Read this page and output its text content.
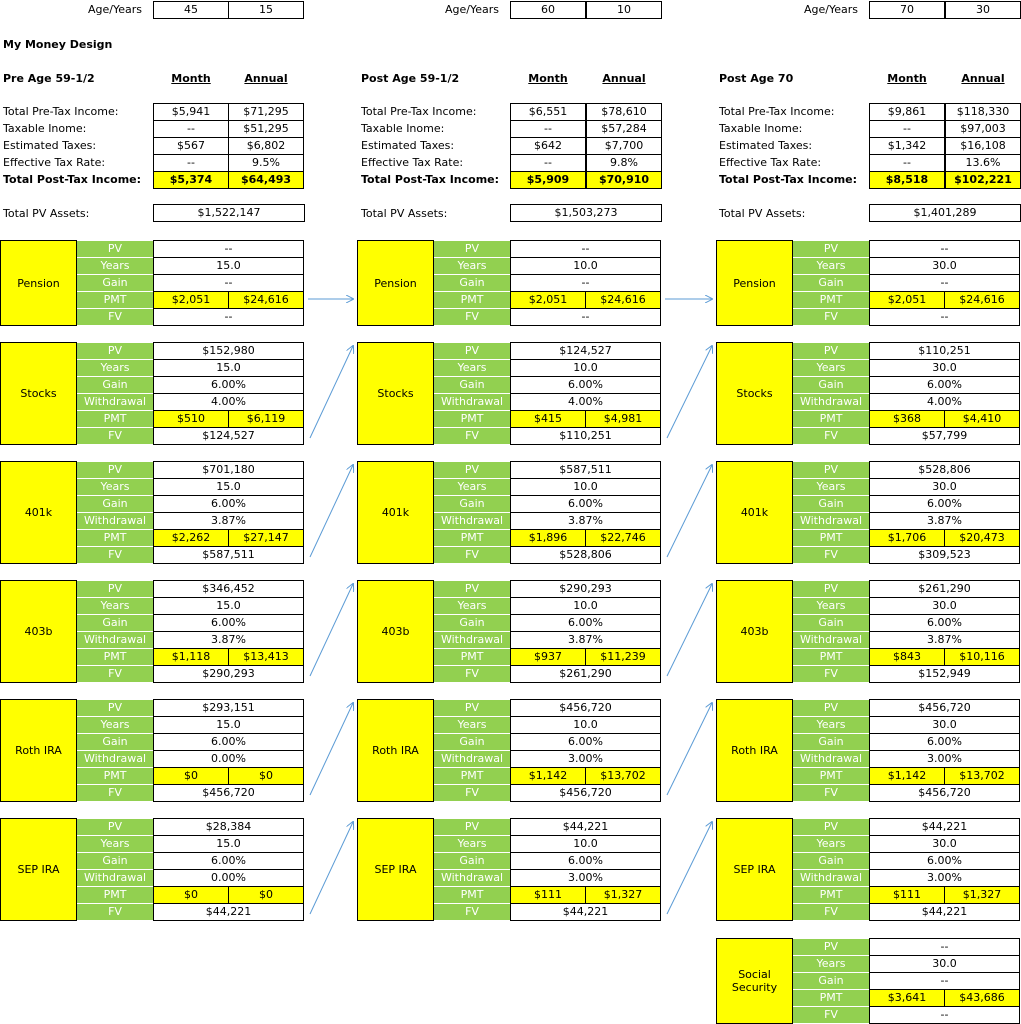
Age/Years	45	15	Age/Years	60	10	Age/Years	70	30
My Money Design
Pre Age 59-1/2	Month	Annual
Total Pre-Tax Income:	$5,941	$71,295
Taxable Inome:	--	$51,295
Estimated Taxes:	$567	$6,802
Effective Tax Rate:	--	9.5%
Total Post-Tax Income:	$5,374	$64,493
Total PV Assets:	$1,522,147
Post Age 59-1/2	Month	Annual
Total Pre-Tax Income:	$6,551	$78,610
Taxable Inome:	--	$57,284
Estimated Taxes:	$642	$7,700
Effective Tax Rate:	--	9.8%
Total Post-Tax Income:	$5,909	$70,910
Total PV Assets:	$1,503,273
Post Age 70	Month	Annual
Total Pre-Tax Income:	$9,861	$118,330
Taxable Inome:	--	$97,003
Estimated Taxes:	$1,342	$16,108
Effective Tax Rate:	--	13.6%
Total Post-Tax Income:	$8,518	$102,221
Total PV Assets:	$1,401,289
Pension
PV	--
Years	15.0
Gain	--
PMT	$2,051	$24,616
FV	--
Stocks
PV	$152,980
Years	15.0
Gain	6.00%
Withdrawal	4.00%
PMT	$510	$6,119
FV	$124,527
401k
PV	$701,180
Years	15.0
Gain	6.00%
Withdrawal	3.87%
PMT	$2,262	$27,147
FV	$587,511
403b
PV	$346,452
Years	15.0
Gain	6.00%
Withdrawal	3.87%
PMT	$1,118	$13,413
FV	$290,293
Roth IRA
PV	$293,151
Years	15.0
Gain	6.00%
Withdrawal	0.00%
PMT	$0	$0
FV	$456,720
SEP IRA
PV	$28,384
Years	15.0
Gain	6.00%
Withdrawal	0.00%
PMT	$0	$0
FV	$44,221
Pension
PV	--
Years	10.0
Gain	--
PMT	$2,051	$24,616
FV	--
Stocks
PV	$124,527
Years	10.0
Gain	6.00%
Withdrawal	4.00%
PMT	$415	$4,981
FV	$110,251
401k
PV	$587,511
Years	10.0
Gain	6.00%
Withdrawal	3.87%
PMT	$1,896	$22,746
FV	$528,806
403b
PV	$290,293
Years	10.0
Gain	6.00%
Withdrawal	3.87%
PMT	$937	$11,239
FV	$261,290
Roth IRA
PV	$456,720
Years	10.0
Gain	6.00%
Withdrawal	3.00%
PMT	$1,142	$13,702
FV	$456,720
SEP IRA
PV	$44,221
Years	10.0
Gain	6.00%
Withdrawal	3.00%
PMT	$111	$1,327
FV	$44,221
Pension
PV	--
Years	30.0
Gain	--
PMT	$2,051	$24,616
FV	--
Stocks
PV	$110,251
Years	30.0
Gain	6.00%
Withdrawal	4.00%
PMT	$368	$4,410
FV	$57,799
401k
PV	$528,806
Years	30.0
Gain	6.00%
Withdrawal	3.87%
PMT	$1,706	$20,473
FV	$309,523
403b
PV	$261,290
Years	30.0
Gain	6.00%
Withdrawal	3.87%
PMT	$843	$10,116
FV	$152,949
Roth IRA
PV	$456,720
Years	30.0
Gain	6.00%
Withdrawal	3.00%
PMT	$1,142	$13,702
FV	$456,720
SEP IRA
PV	$44,221
Years	30.0
Gain	6.00%
Withdrawal	3.00%
PMT	$111	$1,327
FV	$44,221
Social Security
PV	--
Years	30.0
Gain	--
PMT	$3,641	$43,686
FV	--
